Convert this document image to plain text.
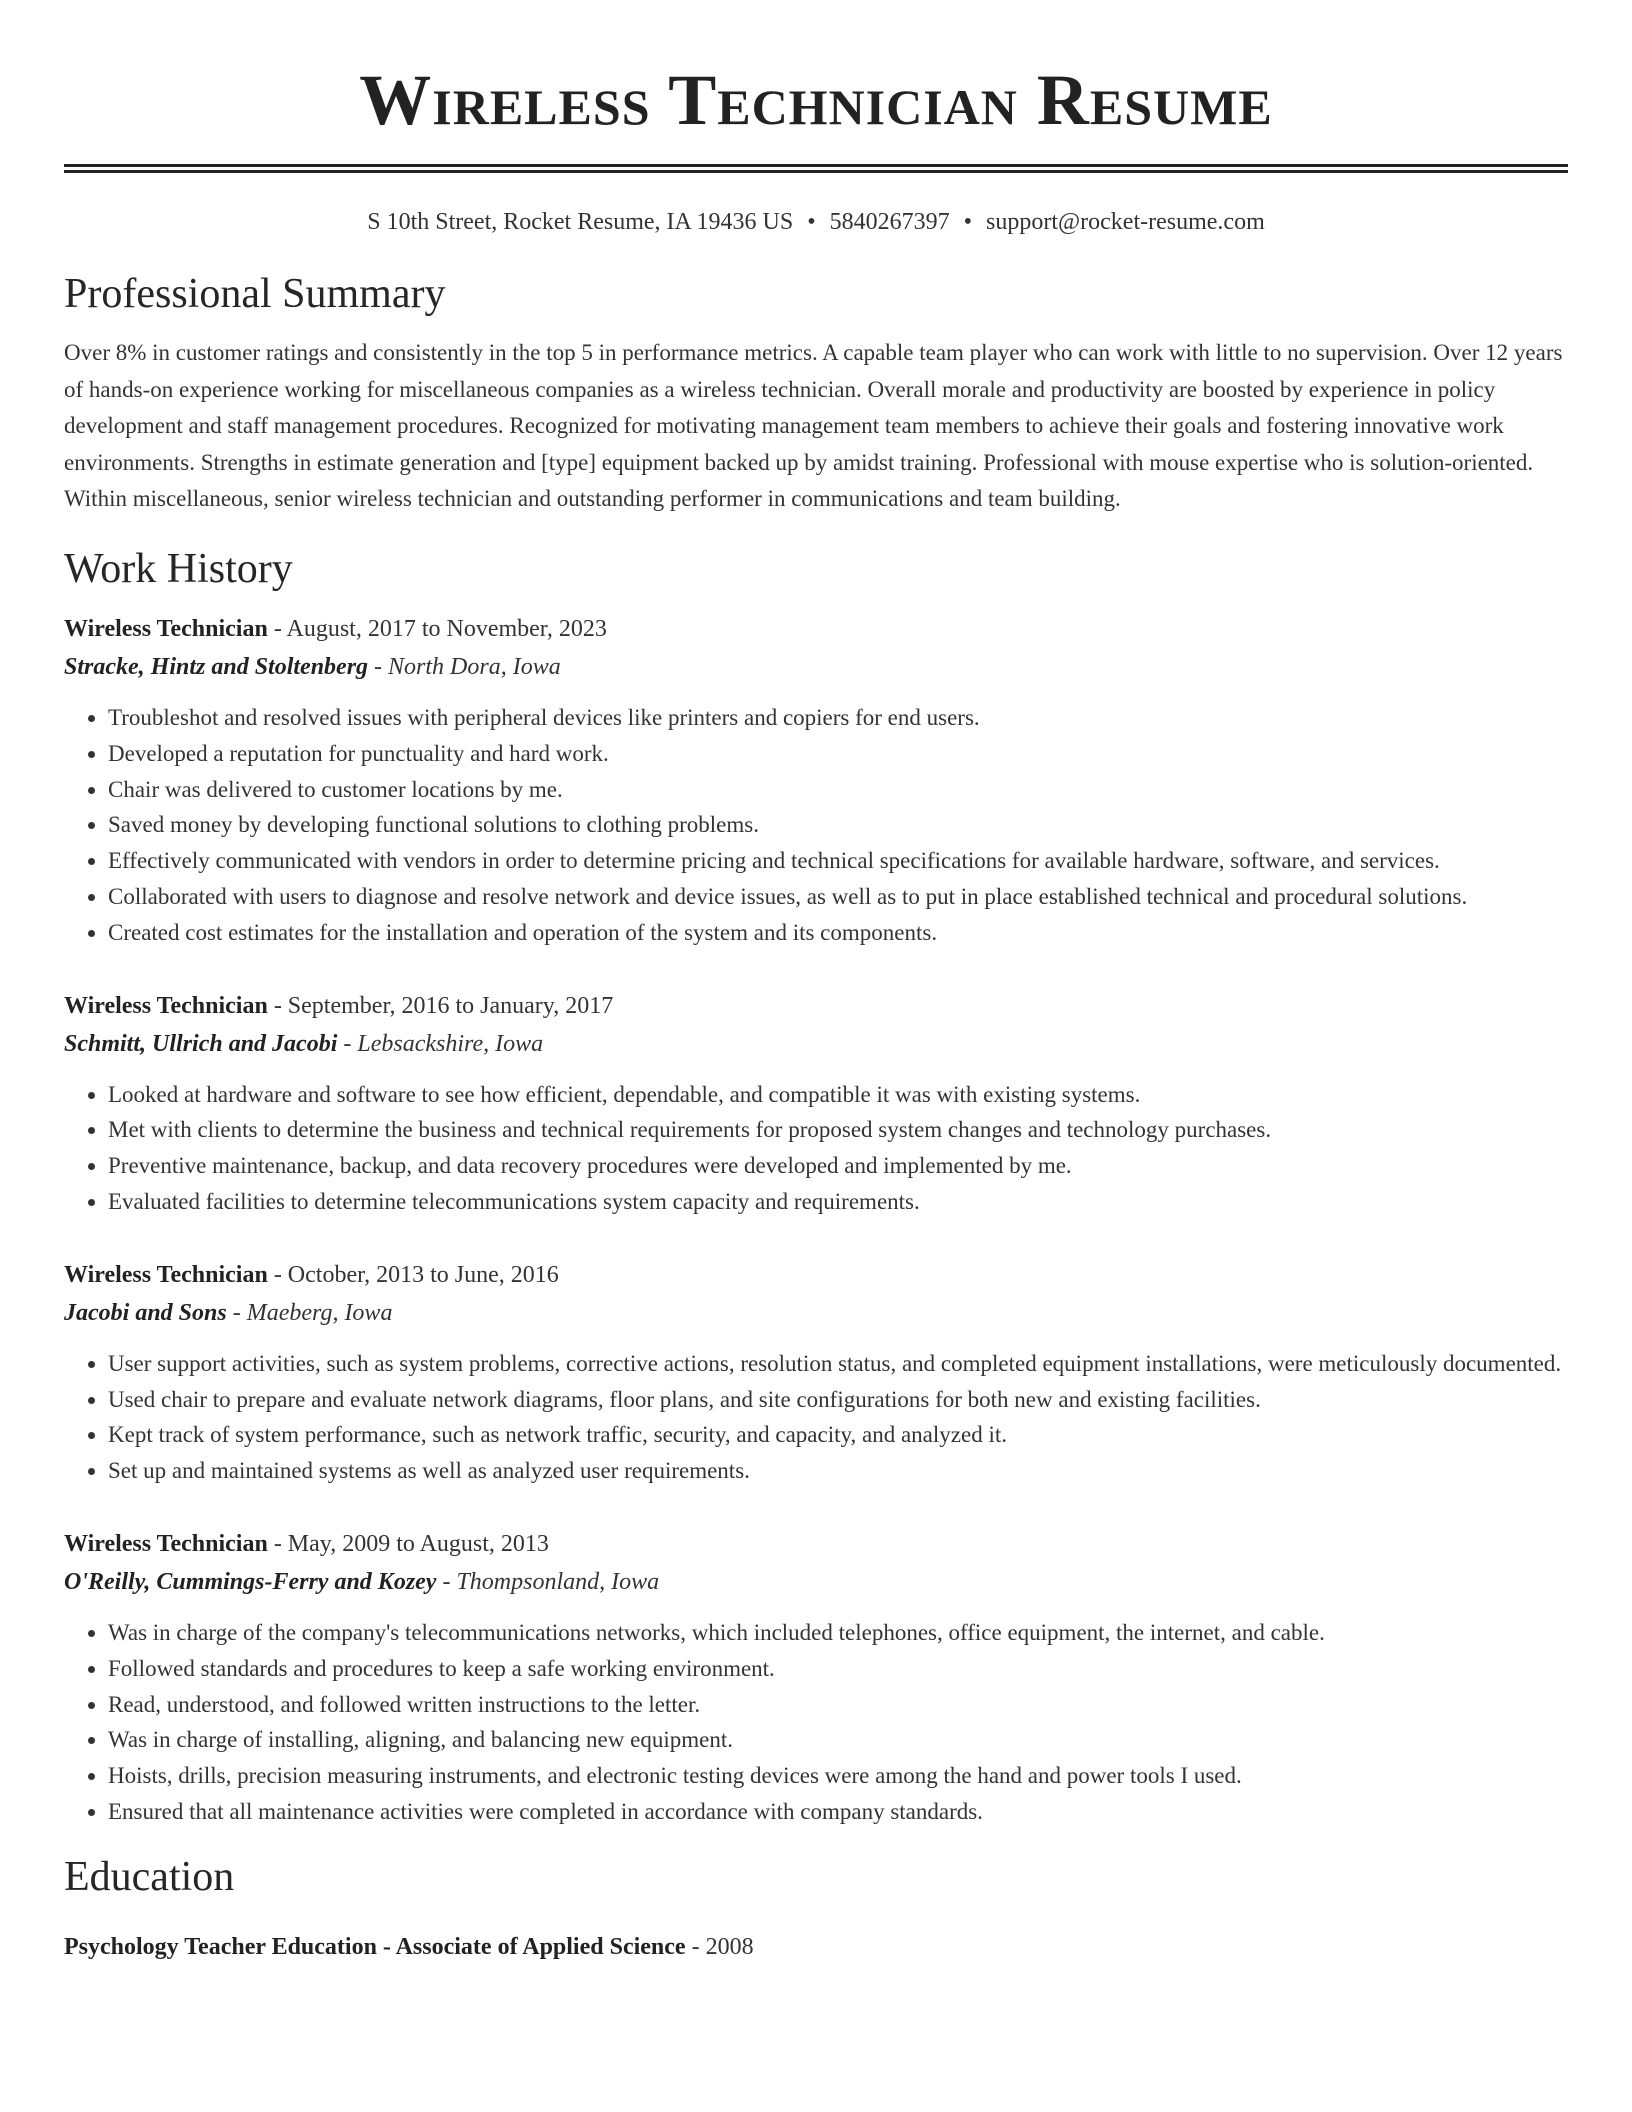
Wireless Technician Resume
S 10th Street, Rocket Resume, IA 19436 US • 5840267397 • support@rocket-resume.com
Professional Summary

Over 8% in customer ratings and consistently in the top 5 in performance metrics. A capable team player who can work with little to no supervision. Over 12 years of hands-on experience working for miscellaneous companies as a wireless technician. Overall morale and productivity are boosted by experience in policy development and staff management procedures. Recognized for motivating management team members to achieve their goals and fostering innovative work environments. Strengths in estimate generation and [type] equipment backed up by amidst training. Professional with mouse expertise who is solution-oriented. Within miscellaneous, senior wireless technician and outstanding performer in communications and team building.

Work History
Wireless Technician - August, 2017 to November, 2023
Stracke, Hintz and Stoltenberg - North Dora, Iowa
• Troubleshot and resolved issues with peripheral devices like printers and copiers for end users.
• Developed a reputation for punctuality and hard work.
• Chair was delivered to customer locations by me.
• Saved money by developing functional solutions to clothing problems.
• Effectively communicated with vendors in order to determine pricing and technical specifications for available hardware, software, and services.
• Collaborated with users to diagnose and resolve network and device issues, as well as to put in place established technical and procedural solutions.
• Created cost estimates for the installation and operation of the system and its components.
Wireless Technician - September, 2016 to January, 2017
Schmitt, Ullrich and Jacobi - Lebsackshire, Iowa
• Looked at hardware and software to see how efficient, dependable, and compatible it was with existing systems.
• Met with clients to determine the business and technical requirements for proposed system changes and technology purchases.
• Preventive maintenance, backup, and data recovery procedures were developed and implemented by me.
• Evaluated facilities to determine telecommunications system capacity and requirements.
Wireless Technician - October, 2013 to June, 2016
Jacobi and Sons - Maeberg, Iowa
• User support activities, such as system problems, corrective actions, resolution status, and completed equipment installations, were meticulously documented.
• Used chair to prepare and evaluate network diagrams, floor plans, and site configurations for both new and existing facilities.
• Kept track of system performance, such as network traffic, security, and capacity, and analyzed it.
• Set up and maintained systems as well as analyzed user requirements.
Wireless Technician - May, 2009 to August, 2013
O'Reilly, Cummings-Ferry and Kozey - Thompsonland, Iowa
• Was in charge of the company's telecommunications networks, which included telephones, office equipment, the internet, and cable.
• Followed standards and procedures to keep a safe working environment.
• Read, understood, and followed written instructions to the letter.
• Was in charge of installing, aligning, and balancing new equipment.
• Hoists, drills, precision measuring instruments, and electronic testing devices were among the hand and power tools I used.
• Ensured that all maintenance activities were completed in accordance with company standards.
Education
Psychology Teacher Education - Associate of Applied Science - 2008
